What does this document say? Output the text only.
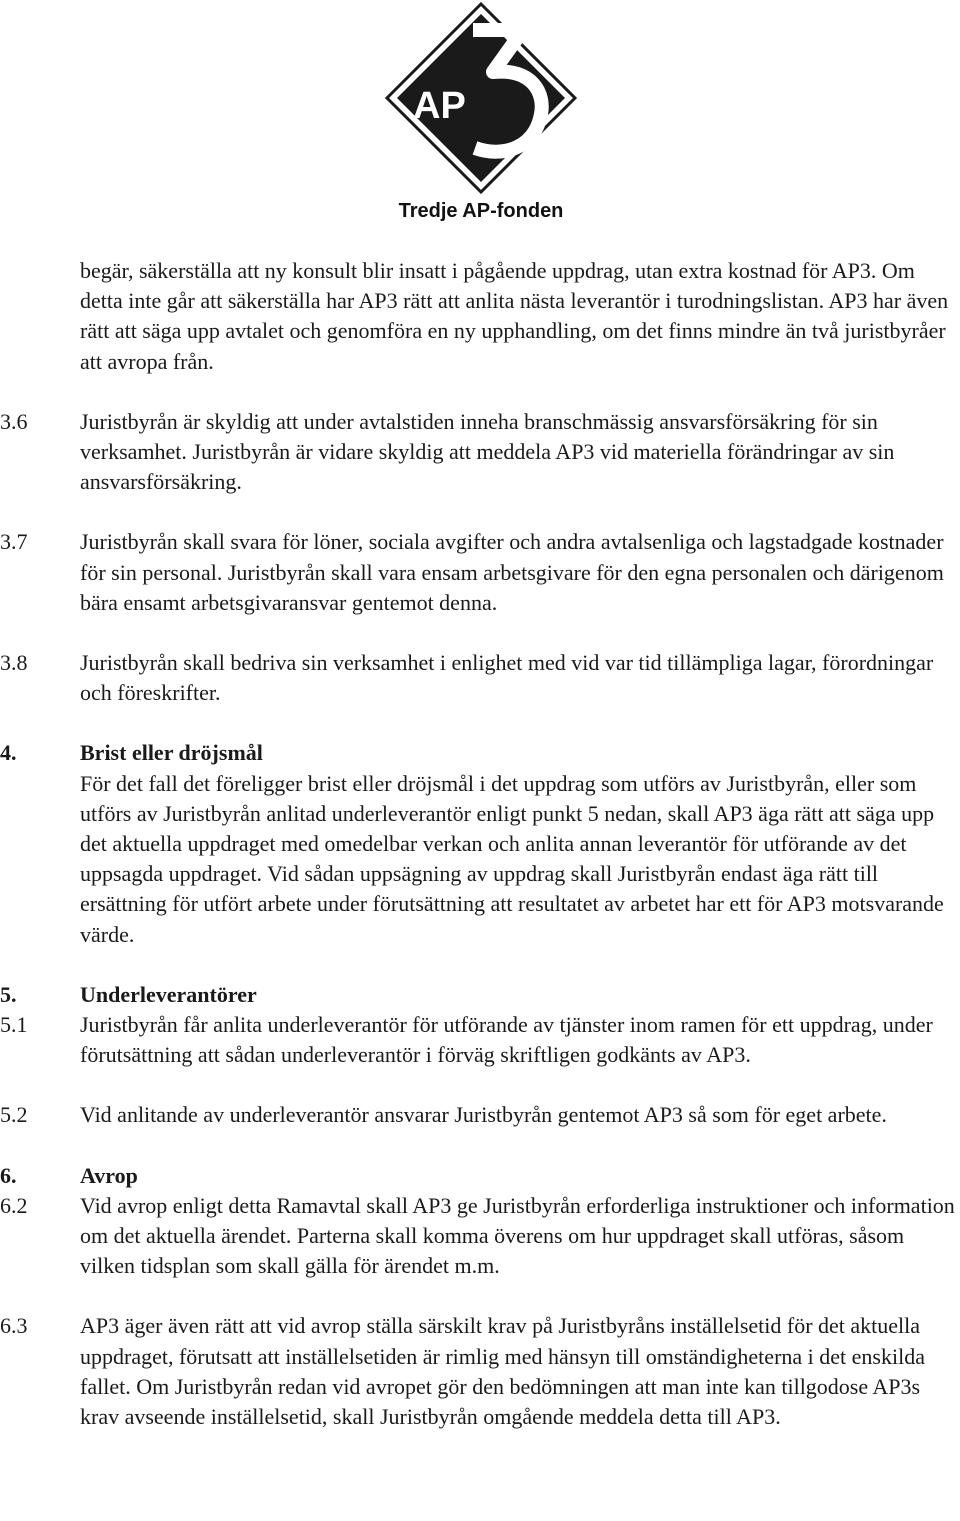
AP
Tredje AP-fonden

begär, säkerställa att ny konsult blir insatt i pågående uppdrag, utan extra kostnad för AP3. Om detta inte går att säkerställa har AP3 rätt att anlita nästa leverantör i turodningslistan. AP3 har även rätt att säga upp avtalet och genomföra en ny upphandling, om det finns mindre än två juristbyråer att avropa från.

3.6	Juristbyrån är skyldig att under avtalstiden inneha branschmässig ansvarsförsäkring för sin verksamhet. Juristbyrån är vidare skyldig att meddela AP3 vid materiella förändringar av sin ansvarsförsäkring.

3.7	Juristbyrån skall svara för löner, sociala avgifter och andra avtalsenliga och lagstadgade kostnader för sin personal. Juristbyrån skall vara ensam arbetsgivare för den egna personalen och därigenom bära ensamt arbetsgivaransvar gentemot denna.

3.8	Juristbyrån skall bedriva sin verksamhet i enlighet med vid var tid tillämpliga lagar, förordningar och föreskrifter.

4.	Brist eller dröjsmål

För det fall det föreligger brist eller dröjsmål i det uppdrag som utförs av Juristbyrån, eller som utförs av Juristbyrån anlitad underleverantör enligt punkt 5 nedan, skall AP3 äga rätt att säga upp det aktuella uppdraget med omedelbar verkan och anlita annan leverantör för utförande av det uppsagda uppdraget. Vid sådan uppsägning av uppdrag skall Juristbyrån endast äga rätt till ersättning för utfört arbete under förutsättning att resultatet av arbetet har ett för AP3 motsvarande värde.

5.	Underleverantörer
5.1	Juristbyrån får anlita underleverantör för utförande av tjänster inom ramen för ett uppdrag, under förutsättning att sådan underleverantör i förväg skriftligen godkänts av AP3.

5.2	Vid anlitande av underleverantör ansvarar Juristbyrån gentemot AP3 så som för eget arbete.

6.	Avrop
6.2	Vid avrop enligt detta Ramavtal skall AP3 ge Juristbyrån erforderliga instruktioner och information om det aktuella ärendet. Parterna skall komma överens om hur uppdraget skall utföras, såsom vilken tidsplan som skall gälla för ärendet m.m.

6.3	AP3 äger även rätt att vid avrop ställa särskilt krav på Juristbyråns inställelsetid för det aktuella uppdraget, förutsatt att inställelsetiden är rimlig med hänsyn till omständigheterna i det enskilda fallet. Om Juristbyrån redan vid avropet gör den bedömningen att man inte kan tillgodose AP3s krav avseende inställelsetid, skall Juristbyrån omgående meddela detta till AP3.
